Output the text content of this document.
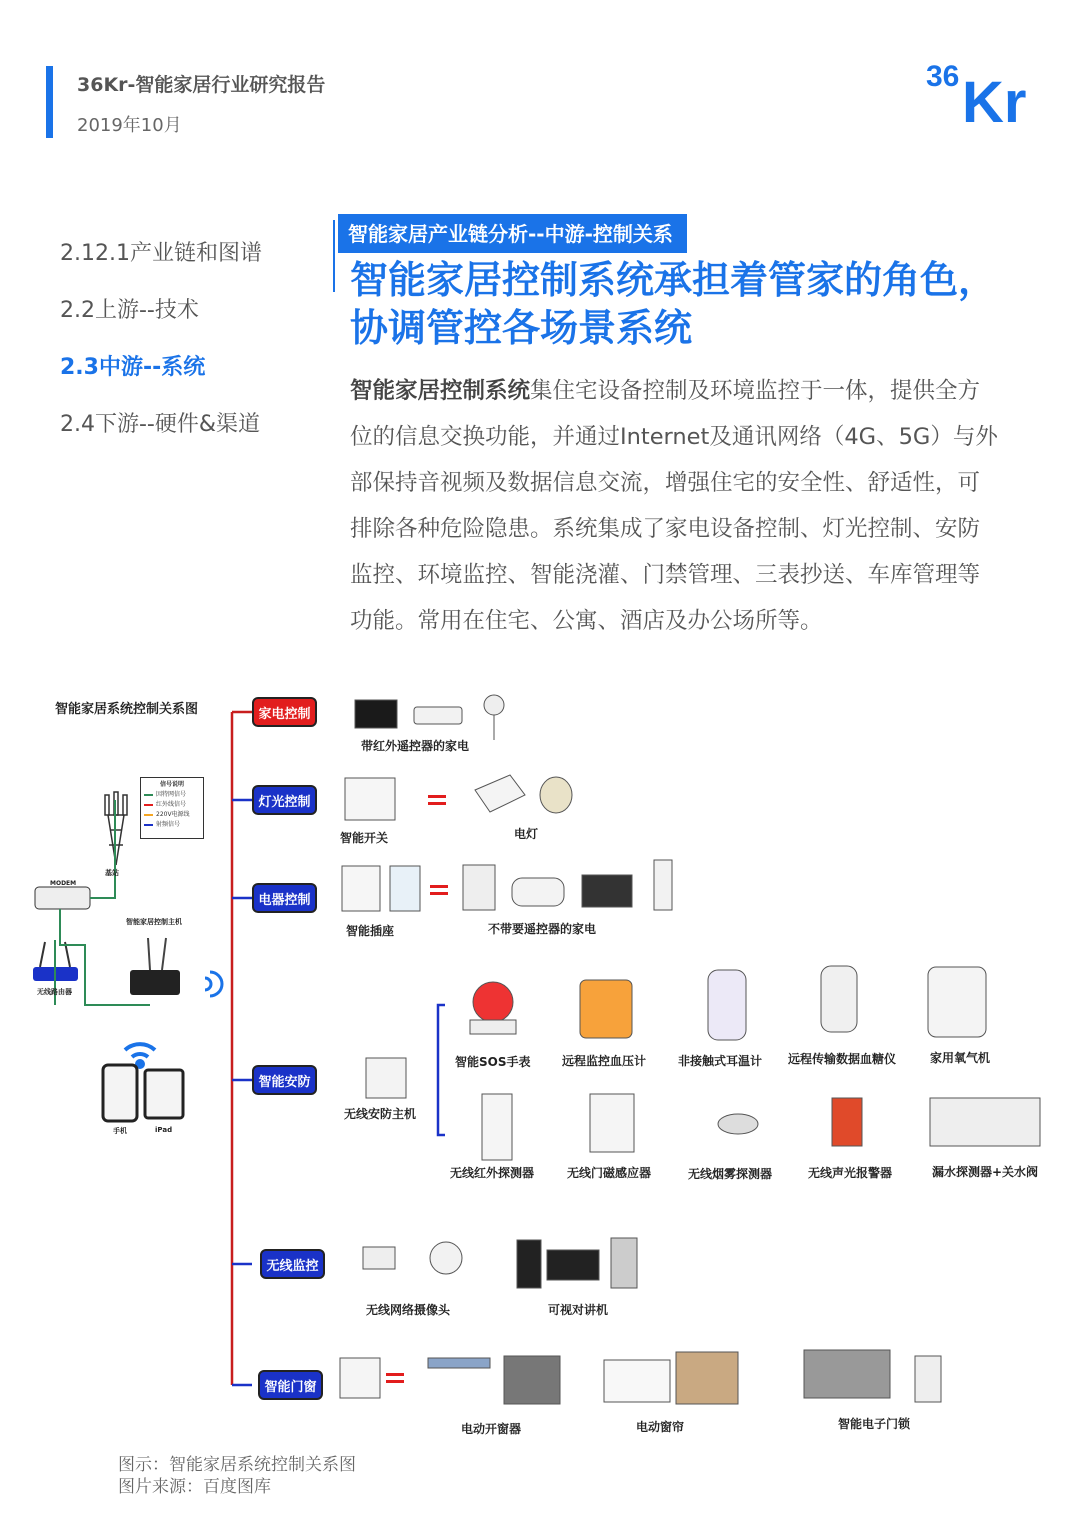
36Kr-智能家居行业研究报告
2019年10月
36 Kr
2.12.1产业链和图谱
2.2上游--技术
2.3中游--系统
2.4下游--硬件&渠道
智能家居产业链分析--中游-控制关系
智能家居控制系统承担着管家的角色，协调管控各场景系统
智能家居控制系统集住宅设备控制及环境监控于一体，提供全方位的信息交换功能，并通过Internet及通讯网络（4G、5G）与外部保持音视频及数据信息交流，增强住宅的安全性、舒适性，可排除各种危险隐患。系统集成了家电设备控制、灯光控制、安防监控、环境监控、智能浇灌、门禁管理、三表抄送、车库管理等功能。常用在住宅、公寓、酒店及办公场所等。
智能家居系统控制关系图
信号说明
因特网信号
红外线信号
220V电源线
射频信号
基站
MODEM
无线路由器
智能家居控制主机
手机	iPad
家电控制
灯光控制
电器控制
智能安防
无线监控
智能门窗
带红外遥控器的家电
智能开关	电灯
智能插座	不带要遥控器的家电
无线安防主机
智能SOS手表	远程监控血压计	非接触式耳温计 远程传输数据血糖仪	家用氧气机
无线红外探测器	无线门磁感应器	无线烟雾探测器	无线声光报警器	漏水探测器+关水阀
无线网络摄像头	可视对讲机
电动开窗器	电动窗帘	智能电子门锁
图示：智能家居系统控制关系图
图片来源：百度图库
